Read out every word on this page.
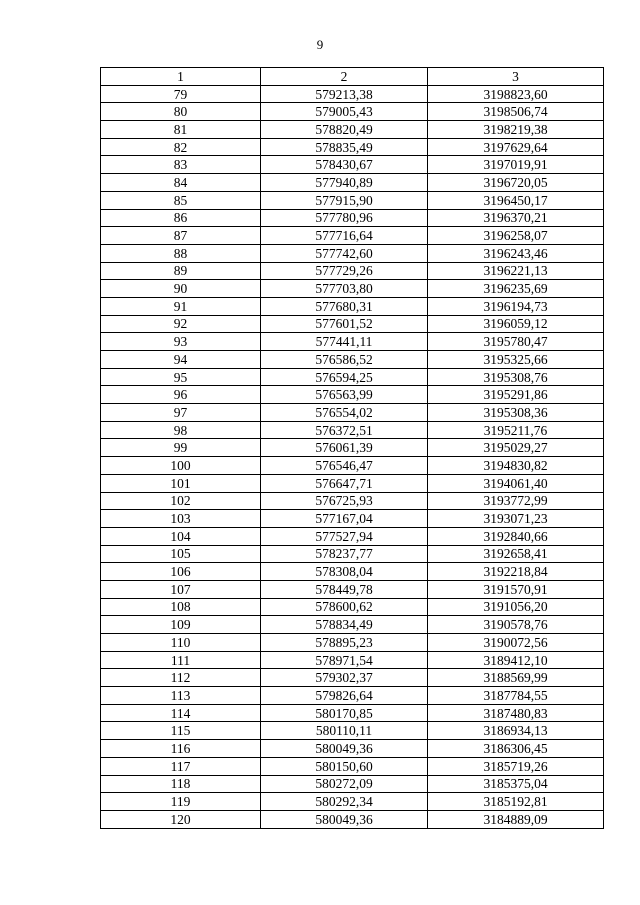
9
1	2	3
79	579213,38	3198823,60
80	579005,43	3198506,74
81	578820,49	3198219,38
82	578835,49	3197629,64
83	578430,67	3197019,91
84	577940,89	3196720,05
85	577915,90	3196450,17
86	577780,96	3196370,21
87	577716,64	3196258,07
88	577742,60	3196243,46
89	577729,26	3196221,13
90	577703,80	3196235,69
91	577680,31	3196194,73
92	577601,52	3196059,12
93	577441,11	3195780,47
94	576586,52	3195325,66
95	576594,25	3195308,76
96	576563,99	3195291,86
97	576554,02	3195308,36
98	576372,51	3195211,76
99	576061,39	3195029,27
100	576546,47	3194830,82
101	576647,71	3194061,40
102	576725,93	3193772,99
103	577167,04	3193071,23
104	577527,94	3192840,66
105	578237,77	3192658,41
106	578308,04	3192218,84
107	578449,78	3191570,91
108	578600,62	3191056,20
109	578834,49	3190578,76
110	578895,23	3190072,56
111	578971,54	3189412,10
112	579302,37	3188569,99
113	579826,64	3187784,55
114	580170,85	3187480,83
115	580110,11	3186934,13
116	580049,36	3186306,45
117	580150,60	3185719,26
118	580272,09	3185375,04
119	580292,34	3185192,81
120	580049,36	3184889,09
